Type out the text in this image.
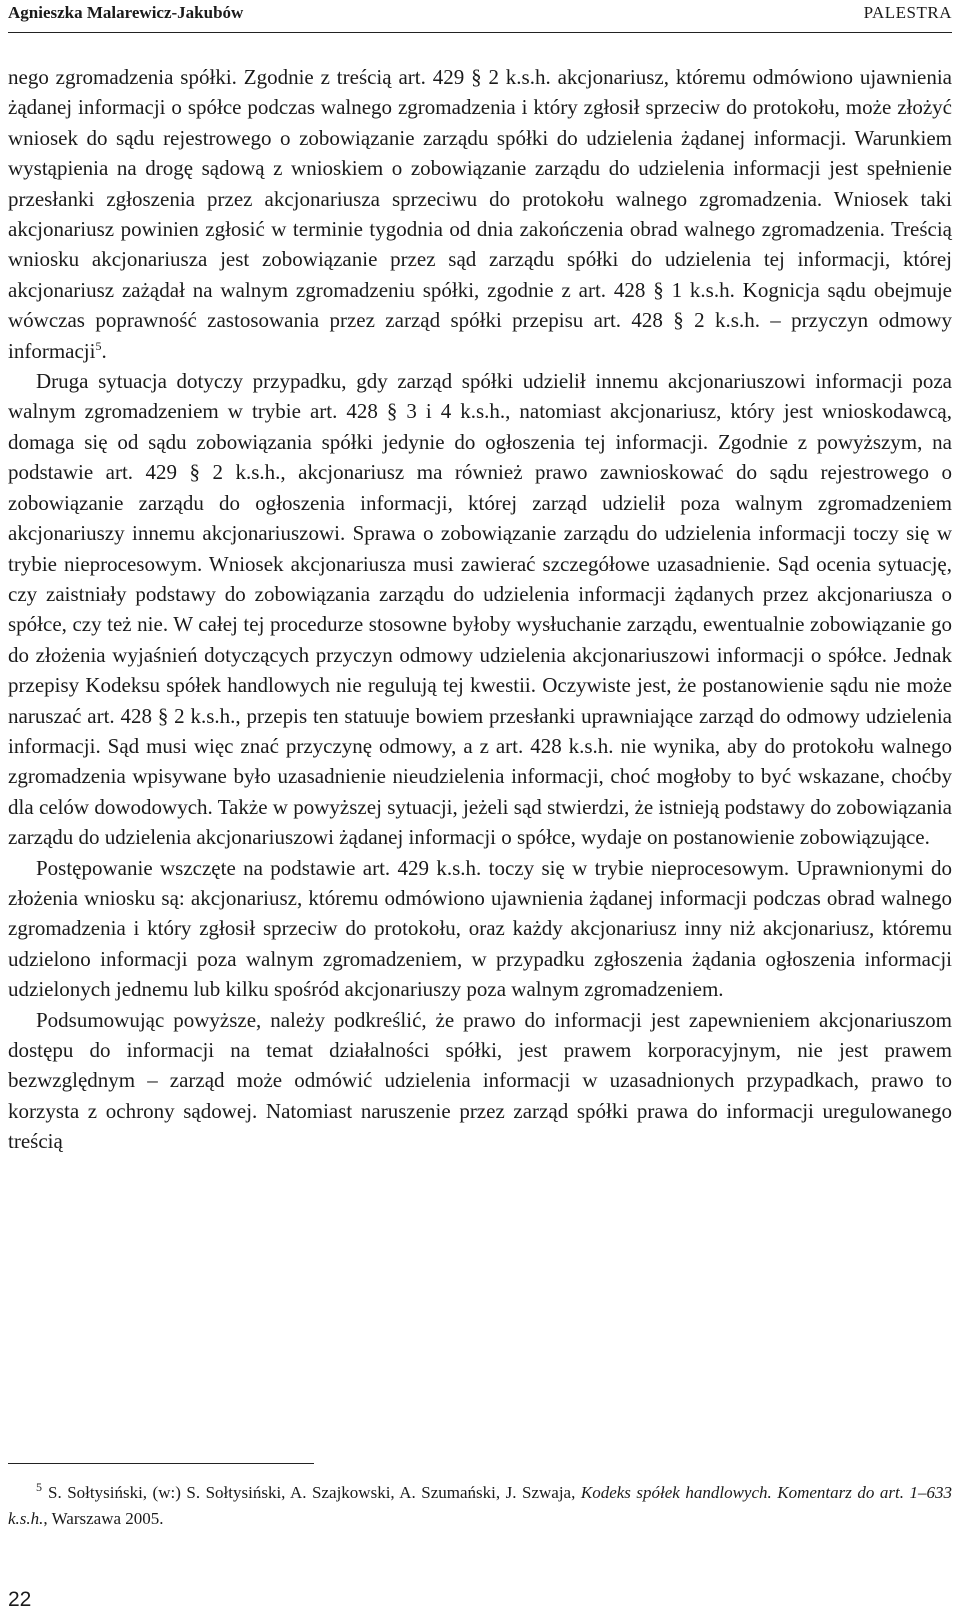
Agnieszka Malarewicz-Jakubów	PALESTRA

nego zgromadzenia spółki. Zgodnie z treścią art. 429 § 2 k.s.h. akcjonariusz, któremu odmówiono ujawnienia żądanej informacji o spółce podczas walnego zgromadzenia i który zgłosił sprzeciw do protokołu, może złożyć wniosek do sądu rejestrowego o zobowiązanie zarządu spółki do udzielenia żądanej informacji. Warunkiem wystąpienia na drogę sądową z wnioskiem o zobowiązanie zarządu do udzielenia informacji jest spełnienie przesłanki zgłoszenia przez akcjonariusza sprzeciwu do protokołu walnego zgromadzenia. Wniosek taki akcjonariusz powinien zgłosić w terminie tygodnia od dnia zakończenia obrad walnego zgromadzenia. Treścią wniosku akcjonariusza jest zobowiązanie przez sąd zarządu spółki do udzielenia tej informacji, której akcjonariusz zażądał na walnym zgromadzeniu spółki, zgodnie z art. 428 § 1 k.s.h. Kognicja sądu obejmuje wówczas poprawność zastosowania przez zarząd spółki przepisu art. 428 § 2 k.s.h. – przyczyn odmowy informacji$^5$.

Druga sytuacja dotyczy przypadku, gdy zarząd spółki udzielił innemu akcjonariuszowi informacji poza walnym zgromadzeniem w trybie art. 428 § 3 i 4 k.s.h., natomiast akcjonariusz, który jest wnioskodawcą, domaga się od sądu zobowiązania spółki jedynie do ogłoszenia tej informacji. Zgodnie z powyższym, na podstawie art. 429 § 2 k.s.h., akcjonariusz ma również prawo zawnioskować do sądu rejestrowego o zobowiązanie zarządu do ogłoszenia informacji, której zarząd udzielił poza walnym zgromadzeniem akcjonariuszy innemu akcjonariuszowi. Sprawa o zobowiązanie zarządu do udzielenia informacji toczy się w trybie nieprocesowym. Wniosek akcjonariusza musi zawierać szczegółowe uzasadnienie. Sąd ocenia sytuację, czy zaistniały podstawy do zobowiązania zarządu do udzielenia informacji żądanych przez akcjonariusza o spółce, czy też nie. W całej tej procedurze stosowne byłoby wysłuchanie zarządu, ewentualnie zobowiązanie go do złożenia wyjaśnień dotyczących przyczyn odmowy udzielenia akcjonariuszowi informacji o spółce. Jednak przepisy Kodeksu spółek handlowych nie regulują tej kwestii. Oczywiste jest, że postanowienie sądu nie może naruszać art. 428 § 2 k.s.h., przepis ten statuuje bowiem przesłanki uprawniające zarząd do odmowy udzielenia informacji. Sąd musi więc znać przyczynę odmowy, a z art. 428 k.s.h. nie wynika, aby do protokołu walnego zgromadzenia wpisywane było uzasadnienie nieudzielenia informacji, choć mogłoby to być wskazane, choćby dla celów dowodowych. Także w powyższej sytuacji, jeżeli sąd stwierdzi, że istnieją podstawy do zobowiązania zarządu do udzielenia akcjonariuszowi żądanej informacji o spółce, wydaje on postanowienie zobowiązujące.

Postępowanie wszczęte na podstawie art. 429 k.s.h. toczy się w trybie nieprocesowym. Uprawnionymi do złożenia wniosku są: akcjonariusz, któremu odmówiono ujawnienia żądanej informacji podczas obrad walnego zgromadzenia i który zgłosił sprzeciw do protokołu, oraz każdy akcjonariusz inny niż akcjonariusz, któremu udzielono informacji poza walnym zgromadzeniem, w przypadku zgłoszenia żądania ogłoszenia informacji udzielonych jednemu lub kilku spośród akcjonariuszy poza walnym zgromadzeniem.

Podsumowując powyższe, należy podkreślić, że prawo do informacji jest zapewnieniem akcjonariuszom dostępu do informacji na temat działalności spółki, jest prawem korporacyjnym, nie jest prawem bezwzględnym – zarząd może odmówić udzielenia informacji w uzasadnionych przypadkach, prawo to korzysta z ochrony sądowej. Natomiast naruszenie przez zarząd spółki prawa do informacji uregulowanego treścią

$^5$ S. Sołtysiński, (w:) S. Sołtysiński, A. Szajkowski, A. Szumański, J. Szwaja, Kodeks spółek handlowych. Komentarz do art. 1–633 k.s.h., Warszawa 2005.
22
